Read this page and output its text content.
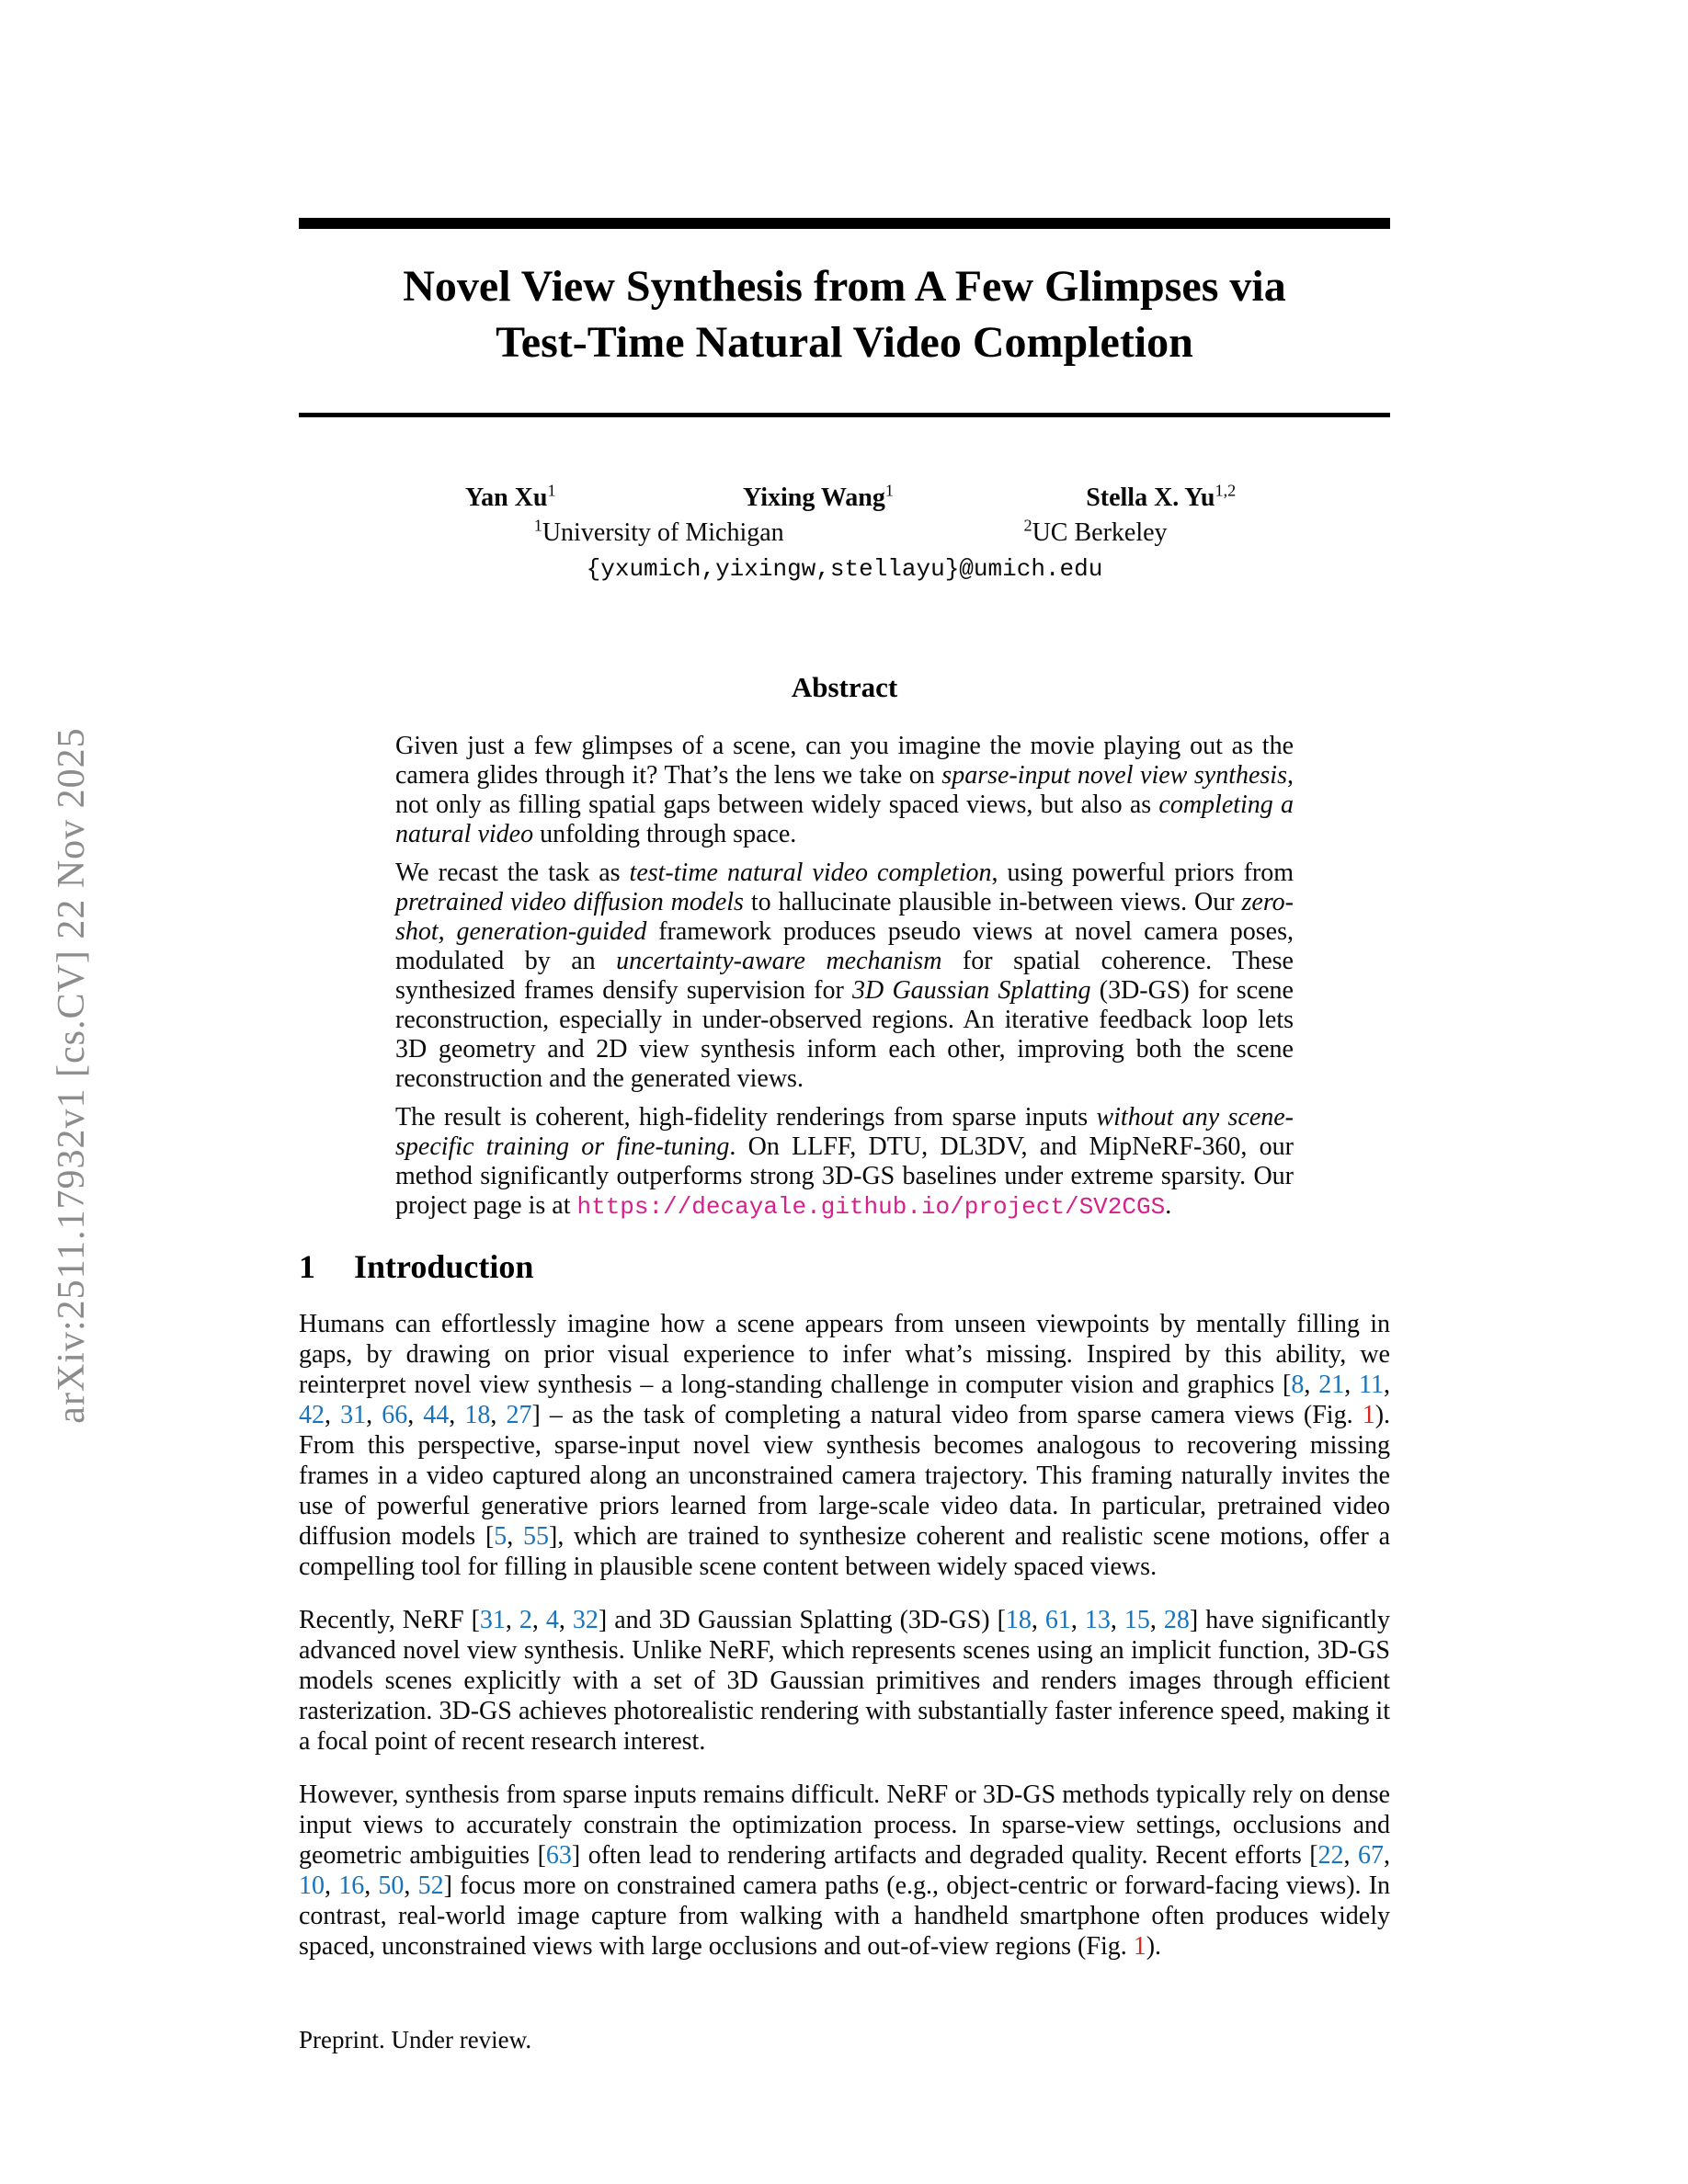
arXiv:2511.17932v1 [cs.CV] 22 Nov 2025
Novel View Synthesis from A Few Glimpses via
Test-Time Natural Video Completion
Yan Xu$^1$	Yixing Wang$^1$	Stella X. Yu$^{1,2}$
$^1$University of Michigan	$^2$UC Berkeley
{yxumich,yixingw,stellayu}@umich.edu
Abstract

Given just a few glimpses of a scene, can you imagine the movie playing out as the camera glides through it? That’s the lens we take on sparse-input novel view synthesis, not only as filling spatial gaps between widely spaced views, but also as completing a natural video unfolding through space.

We recast the task as test-time natural video completion, using powerful priors from pretrained video diffusion models to hallucinate plausible in-between views. Our zero-shot, generation-guided framework produces pseudo views at novel camera poses, modulated by an uncertainty-aware mechanism for spatial coherence. These synthesized frames densify supervision for 3D Gaussian Splatting (3D-GS) for scene reconstruction, especially in under-observed regions. An iterative feedback loop lets 3D geometry and 2D view synthesis inform each other, improving both the scene reconstruction and the generated views.

The result is coherent, high-fidelity renderings from sparse inputs without any scene-specific training or fine-tuning. On LLFF, DTU, DL3DV, and MipNeRF-360, our method significantly outperforms strong 3D-GS baselines under extreme sparsity. Our project page is at https://decayale.github.io/project/SV2CGS.

1 Introduction

Humans can effortlessly imagine how a scene appears from unseen viewpoints by mentally filling in gaps, by drawing on prior visual experience to infer what’s missing. Inspired by this ability, we reinterpret novel view synthesis – a long-standing challenge in computer vision and graphics [8, 21, 11, 42, 31, 66, 44, 18, 27] – as the task of completing a natural video from sparse camera views (Fig. 1). From this perspective, sparse-input novel view synthesis becomes analogous to recovering missing frames in a video captured along an unconstrained camera trajectory. This framing naturally invites the use of powerful generative priors learned from large-scale video data. In particular, pretrained video diffusion models [5, 55], which are trained to synthesize coherent and realistic scene motions, offer a compelling tool for filling in plausible scene content between widely spaced views.

Recently, NeRF [31, 2, 4, 32] and 3D Gaussian Splatting (3D-GS) [18, 61, 13, 15, 28] have significantly advanced novel view synthesis. Unlike NeRF, which represents scenes using an implicit function, 3D-GS models scenes explicitly with a set of 3D Gaussian primitives and renders images through efficient rasterization. 3D-GS achieves photorealistic rendering with substantially faster inference speed, making it a focal point of recent research interest.

However, synthesis from sparse inputs remains difficult. NeRF or 3D-GS methods typically rely on dense input views to accurately constrain the optimization process. In sparse-view settings, occlusions and geometric ambiguities [63] often lead to rendering artifacts and degraded quality. Recent efforts [22, 67, 10, 16, 50, 52] focus more on constrained camera paths (e.g., object-centric or forward-facing views). In contrast, real-world image capture from walking with a handheld smartphone often produces widely spaced, unconstrained views with large occlusions and out-of-view regions (Fig. 1).

Preprint. Under review.
